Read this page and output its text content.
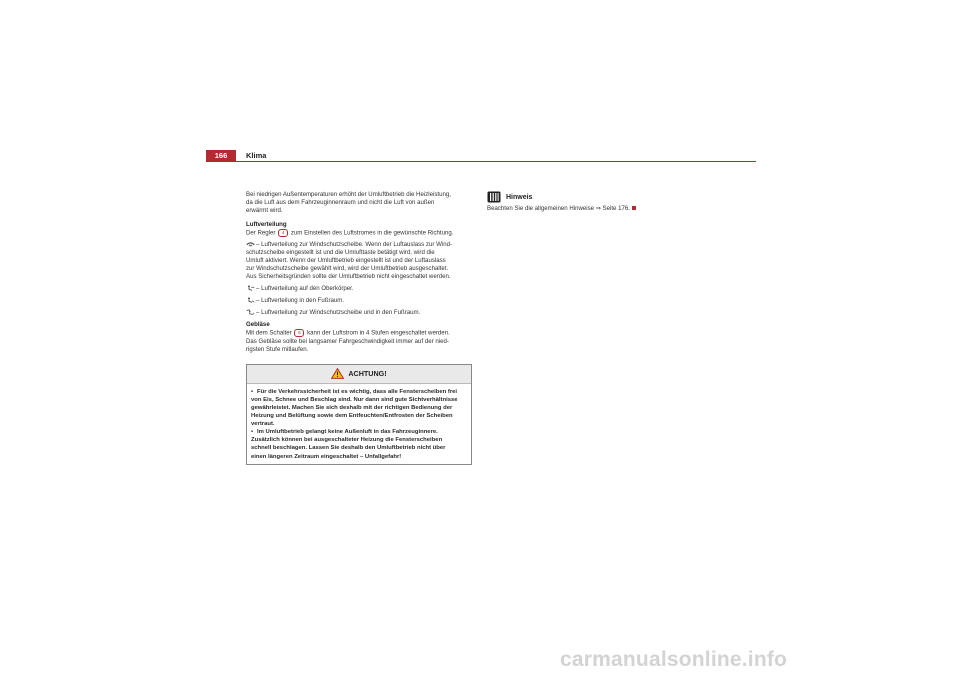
166	Klima

Bei niedrigen Außentemperaturen erhöht der Umluftbetrieb die Heizleistung,

da die Luft aus dem Fahrzeuginnenraum und nicht die Luft von außen

erwärmt wird.

Luftverteilung

Der Regler 4 zum Einstellen des Luftstromes in die gewünschte Richtung.

– Luftverteilung zur Windschutzscheibe. Wenn der Luftauslass zur Wind-

schutzscheibe eingestellt ist und die Umlufttaste betätigt wird, wird die

Umluft aktiviert. Wenn der Umluftbetrieb eingestellt ist und der Luftauslass

zur Windschutzscheibe gewählt wird, wird der Umluftbetrieb ausgeschaltet.

Aus Sicherheitsgründen sollte der Umluftbetrieb nicht eingeschaltet werden.

– Luftverteilung auf den Oberkörper.

– Luftverteilung in den Fußraum.

– Luftverteilung zur Windschutzscheibe und in den Fußraum.

Gebläse

Mit dem Schalter 5 kann der Luftstrom in 4 Stufen eingeschaltet werden.

Das Gebläse sollte bei langsamer Fahrgeschwindigkeit immer auf der nied-

rigsten Stufe mitlaufen.

ACHTUNG!

• Für die Verkehrssicherheit ist es wichtig, dass alle Fensterscheiben frei

von Eis, Schnee und Beschlag sind. Nur dann sind gute Sichtverhältnisse

gewährleistet. Machen Sie sich deshalb mit der richtigen Bedienung der

Heizung und Belüftung sowie dem Entfeuchten/Entfrosten der Scheiben

vertraut.

• Im Umluftbetrieb gelangt keine Außenluft in das Fahrzeuginnere.

Zusätzlich können bei ausgeschalteter Heizung die Fensterscheiben

schnell beschlagen. Lassen Sie deshalb den Umluftbetrieb nicht über

einen längeren Zeitraum eingeschaltet – Unfallgefahr!

Hinweis

Beachten Sie die allgemeinen Hinweise ⇒ Seite 176.

carmanualsonline.info
